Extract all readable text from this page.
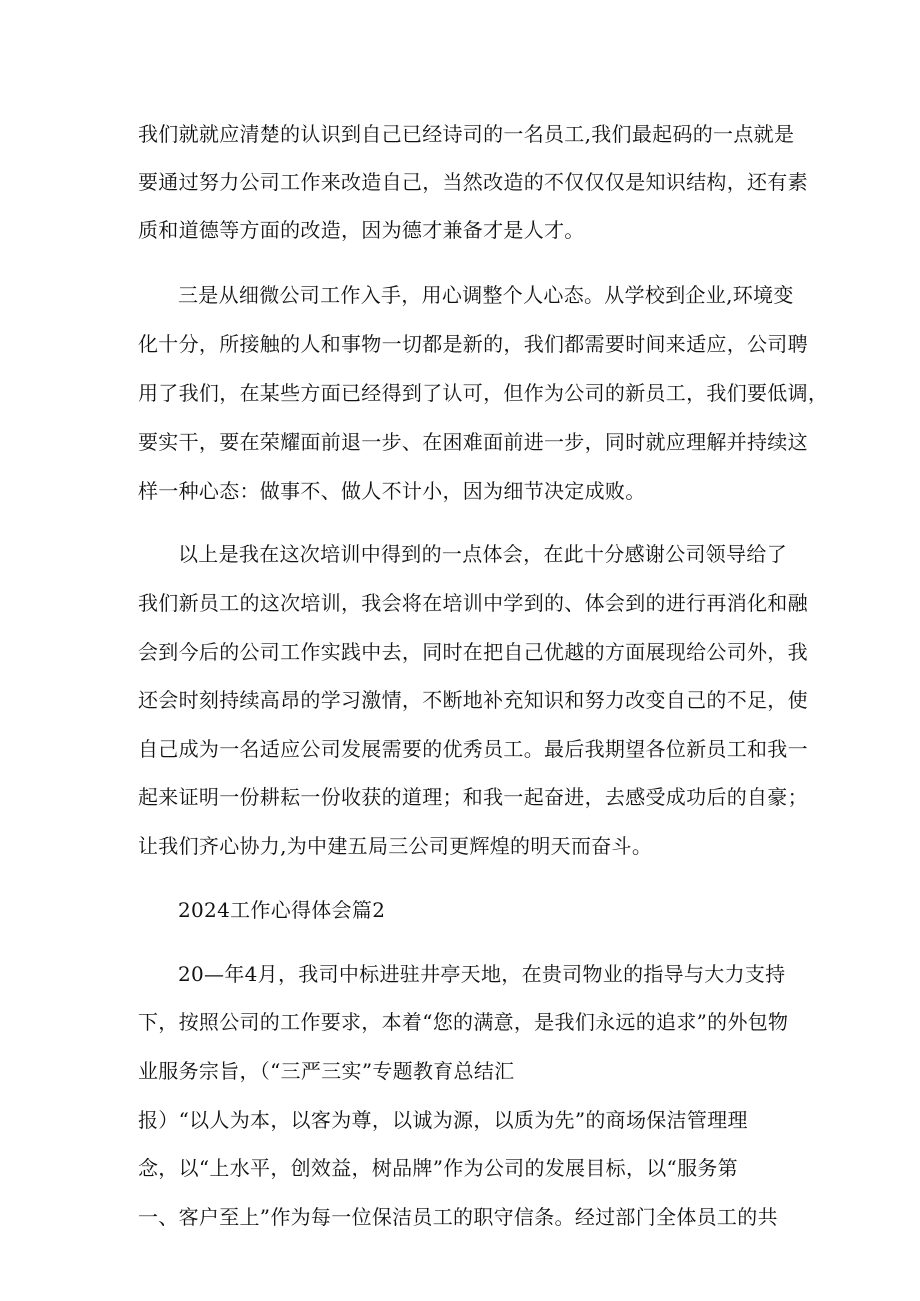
我们就就应清楚的认识到自己已经诗司的一名员工,我们最起码的一点就是
要通过努力公司工作来改造自己，当然改造的不仅仅仅是知识结构，还有素
质和道德等方面的改造，因为德才兼备才是人才。
三是从细微公司工作入手，用心调整个人心态。从学校到企业,环境变
化十分，所接触的人和事物一切都是新的，我们都需要时间来适应，公司聘
用了我们，在某些方面已经得到了认可，但作为公司的新员工，我们要低调，
要实干，要在荣耀面前退一步、在困难面前进一步，同时就应理解并持续这
样一种心态：做事不、做人不计小，因为细节决定成败。
以上是我在这次培训中得到的一点体会，在此十分感谢公司领导给了
我们新员工的这次培训，我会将在培训中学到的、体会到的进行再消化和融
会到今后的公司工作实践中去，同时在把自己优越的方面展现给公司外，我
还会时刻持续高昂的学习激情，不断地补充知识和努力改变自己的不足，使
自己成为一名适应公司发展需要的优秀员工。最后我期望各位新员工和我一
起来证明一份耕耘一份收获的道理；和我一起奋进，去感受成功后的自豪；
让我们齐心协力,为中建五局三公司更辉煌的明天而奋斗。
2024工作心得体会篇2
20—年4月，我司中标进驻井亭天地，在贵司物业的指导与大力支持
下，按照公司的工作要求，本着“您的满意，是我们永远的追求”的外包物
业服务宗旨，（“三严三实”专题教育总结汇
报）“以人为本，以客为尊，以诚为源，以质为先”的商场保洁管理理
念，以“上水平，创效益，树品牌”作为公司的发展目标，以“服务第
一、客户至上”作为每一位保洁员工的职守信条。经过部门全体员工的共
